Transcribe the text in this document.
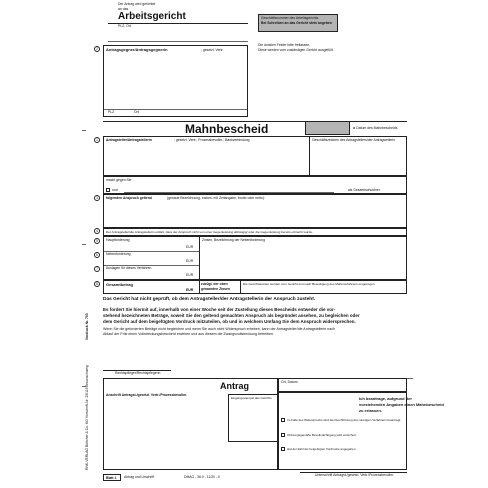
Der Antrag wird gerichtet
an das
Arbeitsgericht
PLZ, Ort
Geschäftsnummer des Arbeitsgerichts
Bei Schreiben an das Gericht stets angeben
Die dunklen Felder bitte freilassen.
Diese werden vom zuständigen Gericht ausgefüllt.
2	Antragsgegner/Antragsgegnerin	; gesetzl. Vertr.
PLZ	Ort
Mahnbescheid	◄ Datum des Mahnbescheids
1	Antragsteller/Antragstellerin	; gesetzl. Vertr.; Prozessbevollm.; Bankverbindung	Geschäftszeichen des Antragstellers/der Antragstellerin
macht gegen Sie
und	als Gesamtschuldner
3	folgenden Anspruch geltend	(genaue Bezeichnung, insbes. mit Zeitangabe, brutto oder netto):
4	Der Antragsteller/die Antragstellerin erklärt, dass der Anspruch nicht von einer Gegenleistung abhängig/ oder die Gegenleistung bereits erbracht wurde.
5
6
7
Hauptforderung
EUR
Nebenforderung
EUR
Auslagen für dieses Verfahren
EUR
Zinsen, Bezeichnung der Nebenforderung
8	Gesamtbetrag
EUR
zuzügl. der oben
genannten Zinsen
Die Gerichtskosten werden vom Gericht erst nach Beendigung des Mahnverfahrens eingezogen.
Das Gericht hat nicht geprüft, ob dem Antragsteller/der Antragstellerin der Anspruch zusteht.
Es fordert Sie hiermit auf, innerhalb von einer Woche seit der Zustellung dieses Bescheids entweder die vor-
stehend bezeichneten Beträge, soweit Sie den geltend gemachten Anspruch als begründet ansehen, zu begleichen oder
dem Gericht auf dem beigefügten Vordruck mitzuteilen, ob und in welchem Umfang Sie dem Anspruch widersprechen.
Wenn Sie die geforderten Beträge nicht begleichen und wenn Sie auch nicht Widerspruch erheben, kann der Antragsteller/die Antragstellerin nach
Ablauf der Frist einen Vollstreckungsbescheid erwirken und aus diesem die Zwangsvollstreckung betreiben.
Rechtspfleger/Rechtspflegerin
Antrag
Anschrift Antragst./gesetzl. Vertr./Prozessbevollm.
Ort, Datum
Eingangsstempel des Gerichts	Ich beantrage, aufgrund der
vorstehenden Angaben einen Mahnbescheid
zu erlassen.
Im Falle des Widerspruchs wird die Durchführung des streitigen Verfahrens beantragt.
Ordnungsgemäße Bevollmächtigung wird versichert.
Hat der Zahl der beigefügten Vordrucke angegeben.
Unterschrift Antragst./gesetzl. Vertr./Prozessbevollm.
Blatt 1 Antrag und Urschrift	DMAG - 36.0 - 11/20 - 0
RNK-VERLAG Böttcher & Co. KG Vorschrift-Nr. 25/119 Braunschweig
Vordruck Nr. 703
